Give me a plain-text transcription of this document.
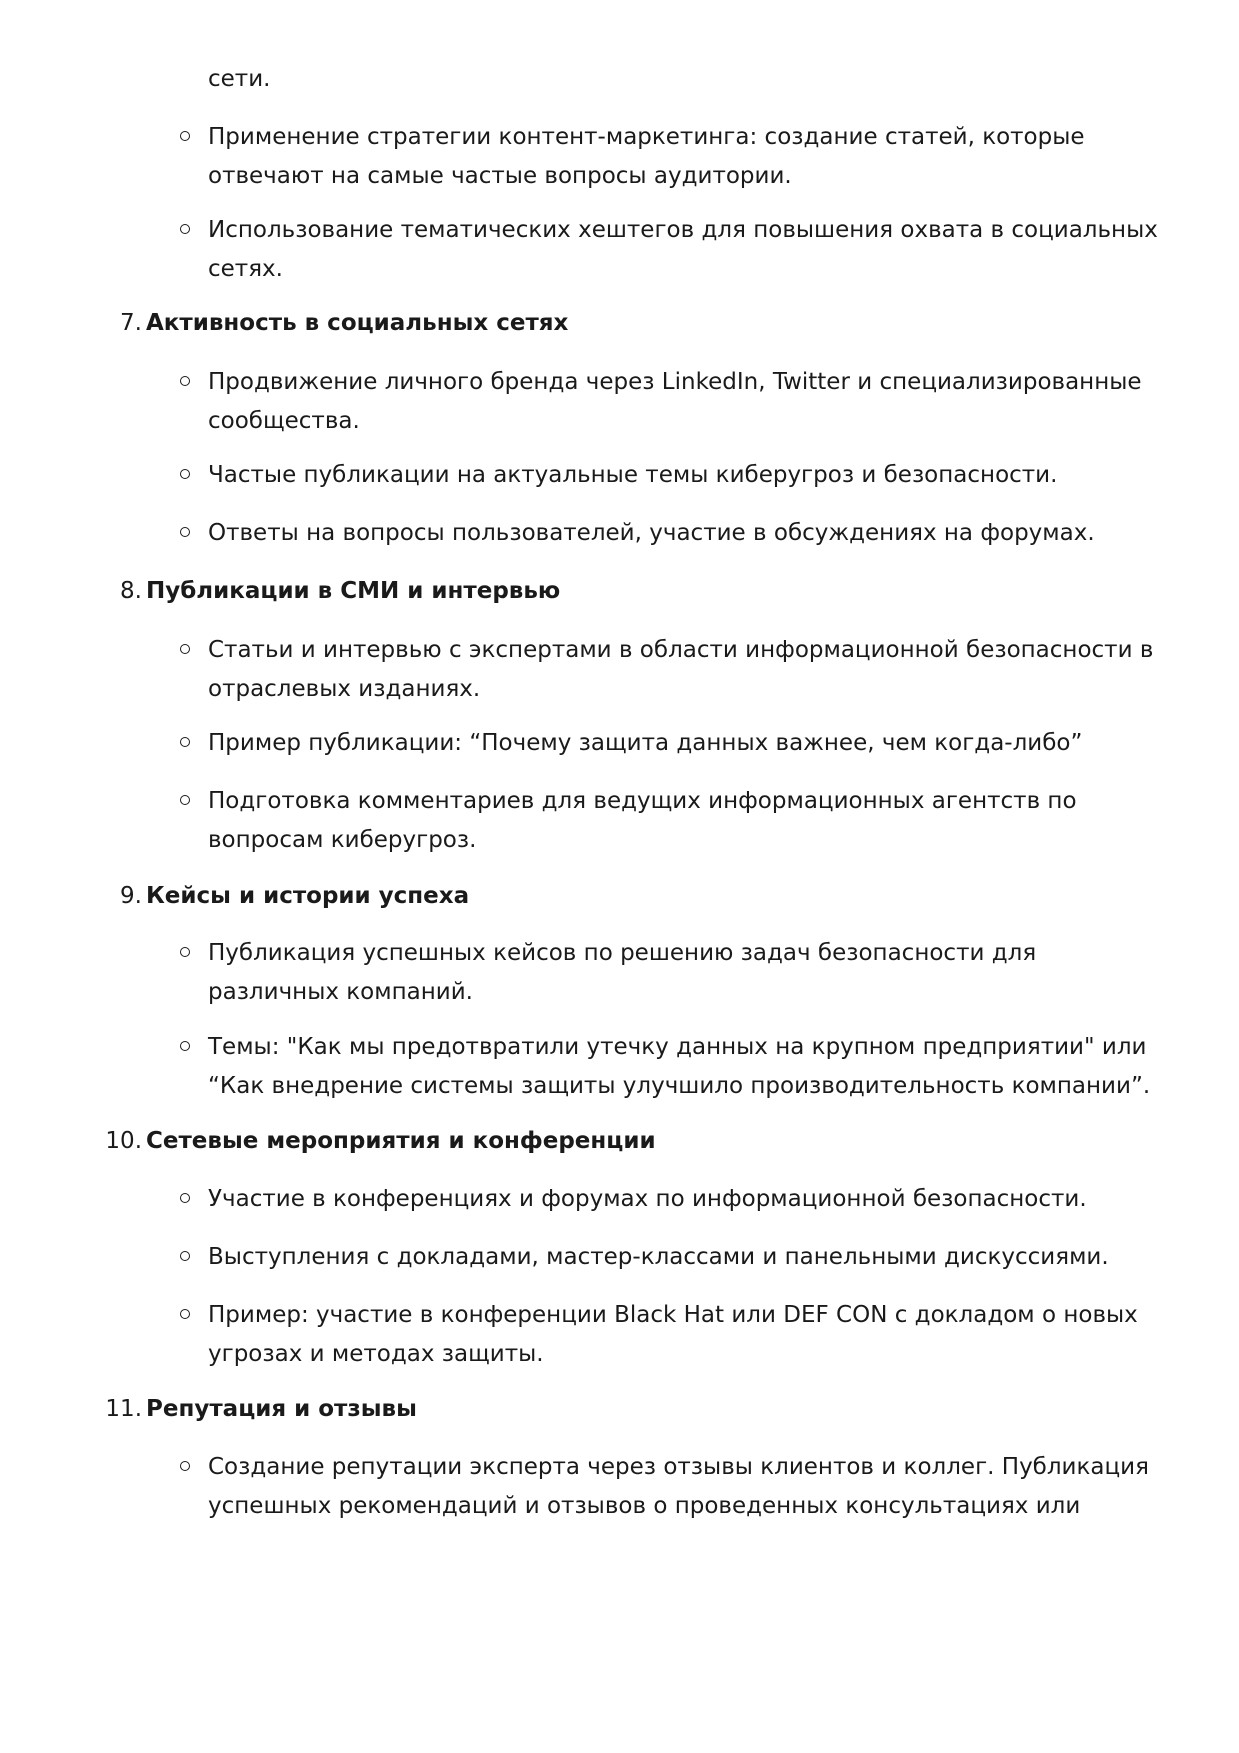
сети.

Применение стратегии контент-маркетинга: создание статей, которые отвечают на самые частые вопросы аудитории.

Использование тематических хештегов для повышения охвата в социальных сетях.

7. Активность в социальных сетях

Продвижение личного бренда через LinkedIn, Twitter и специализированные сообщества.

Частые публикации на актуальные темы киберугроз и безопасности.

Ответы на вопросы пользователей, участие в обсуждениях на форумах.

8. Публикации в СМИ и интервью

Статьи и интервью с экспертами в области информационной безопасности в отраслевых изданиях.

Пример публикации: “Почему защита данных важнее, чем когда-либо”

Подготовка комментариев для ведущих информационных агентств по вопросам киберугроз.

9. Кейсы и истории успеха

Публикация успешных кейсов по решению задач безопасности для различных компаний.

Темы: "Как мы предотвратили утечку данных на крупном предприятии" или “Как внедрение системы защиты улучшило производительность компании”.

10. Сетевые мероприятия и конференции

Участие в конференциях и форумах по информационной безопасности.

Выступления с докладами, мастер-классами и панельными дискуссиями.

Пример: участие в конференции Black Hat или DEF CON с докладом о новых угрозах и методах защиты.

11. Репутация и отзывы

Создание репутации эксперта через отзывы клиентов и коллег. Публикация успешных рекомендаций и отзывов о проведенных консультациях или
